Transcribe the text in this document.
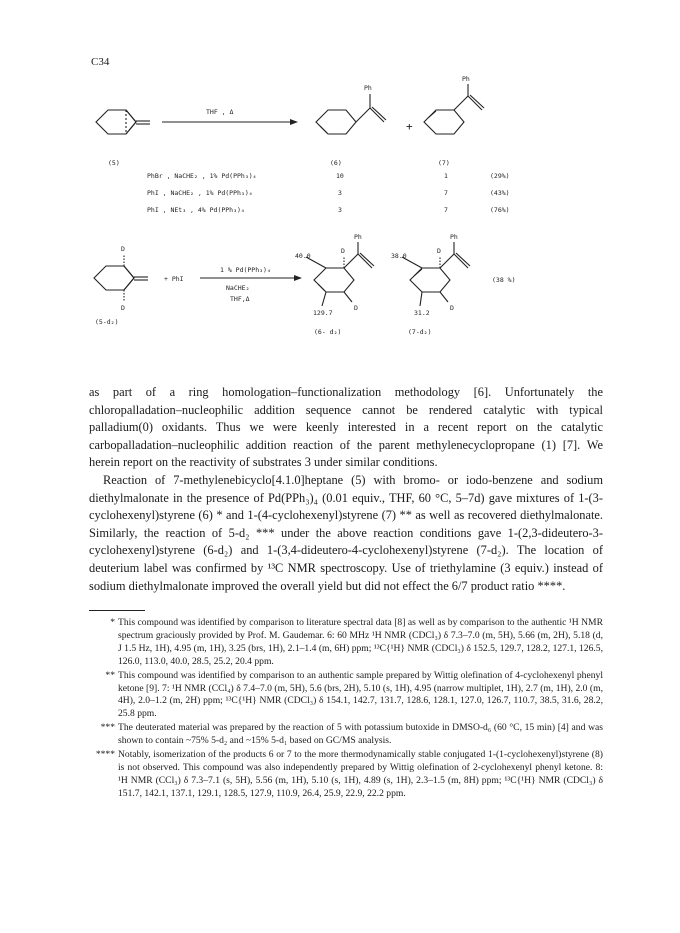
C34
(5)
THF , Δ
Ph
(6)
+
Ph
(7)
PhBr , NaCHE₂ , 1% Pd(PPh₃)₄	10	1	(29%)
PhI , NaCHE₂ , 1% Pd(PPh₃)₄	3	7	(43%)
PhI , NEt₃ , 4% Pd(PPh₃)₄	3	7	(76%)
D
D
(5-d₂)
+ PhI
1 % Pd(PPh₃)₄
NaCHE₂
THF,Δ
40.0
D
Ph
D
129.7
(6- d₂)
38.0
D
Ph
D
31.2
(7-d₂)
(38 %)

as part of a ring homologation–functionalization methodology [6]. Unfortunately the chloropalladation–nucleophilic addition sequence cannot be rendered catalytic with typical palladium(0) oxidants. Thus we were keenly interested in a recent report on the catalytic carbopalladation–nucleophilic addition reaction of the parent methylenecyclopropane (1) [7]. We herein report on the reactivity of substrates 3 under similar conditions.

Reaction of 7-methylenebicyclo[4.1.0]heptane (5) with bromo- or iodo-benzene and sodium diethylmalonate in the presence of Pd(PPh₃)₄ (0.01 equiv., THF, 60 °C, 5–7d) gave mixtures of 1-(3-cyclohexenyl)styrene (6) * and 1-(4-cyclohexenyl)styrene (7) ** as well as recovered diethylmalonate. Similarly, the reaction of 5-d₂ *** under the above reaction conditions gave 1-(2,3-dideutero-3-cyclohexenyl)styrene (6-d₂) and 1-(3,4-dideutero-4-cyclohexenyl)styrene (7-d₂). The location of deuterium label was confirmed by ¹³C NMR spectroscopy. Use of triethylamine (3 equiv.) instead of sodium diethylmalonate improved the overall yield but did not effect the 6/7 product ratio ****.

* This compound was identified by comparison to literature spectral data [8] as well as by comparison to the authentic ¹H NMR spectrum graciously provided by Prof. M. Gaudemar. 6: 60 MHz ¹H NMR (CDCl₃) δ 7.3–7.0 (m, 5H), 5.66 (m, 2H), 5.18 (d, J 1.5 Hz, 1H), 4.95 (m, 1H), 3.25 (brs, 1H), 2.1–1.4 (m, 6H) ppm; ¹³C{¹H} NMR (CDCl₃) δ 152.5, 129.7, 128.2, 127.1, 126.5, 126.0, 113.0, 40.0, 28.5, 25.2, 20.4 ppm.
** This compound was identified by comparison to an authentic sample prepared by Wittig olefination of 4-cyclohexenyl phenyl ketone [9]. 7: ¹H NMR (CCl₄) δ 7.4–7.0 (m, 5H), 5.6 (brs, 2H), 5.10 (s, 1H), 4.95 (narrow multiplet, 1H), 2.7 (m, 1H), 2.0 (m, 4H), 2.0–1.2 (m, 2H) ppm; ¹³C{¹H} NMR (CDCl₃) δ 154.1, 142.7, 131.7, 128.6, 128.1, 127.0, 126.7, 110.7, 38.5, 31.6, 28.2, 25.8 ppm.
*** The deuterated material was prepared by the reaction of 5 with potassium butoxide in DMSO-d₆ (60 °C, 15 min) [4] and was shown to contain ~75% 5-d₂ and ~15% 5-d₁ based on GC/MS analysis.
**** Notably, isomerization of the products 6 or 7 to the more thermodynamically stable conjugated 1-(1-cyclohexenyl)styrene (8) is not observed. This compound was also independently prepared by Wittig olefination of 2-cyclohexenyl phenyl ketone. 8: ¹H NMR (CCl₃) δ 7.3–7.1 (s, 5H), 5.56 (m, 1H), 5.10 (s, 1H), 4.89 (s, 1H), 2.3–1.5 (m, 8H) ppm; ¹³C{¹H} NMR (CDCl₃) δ 151.7, 142.1, 137.1, 129.1, 128.5, 127.9, 110.9, 26.4, 25.9, 22.9, 22.2 ppm.
